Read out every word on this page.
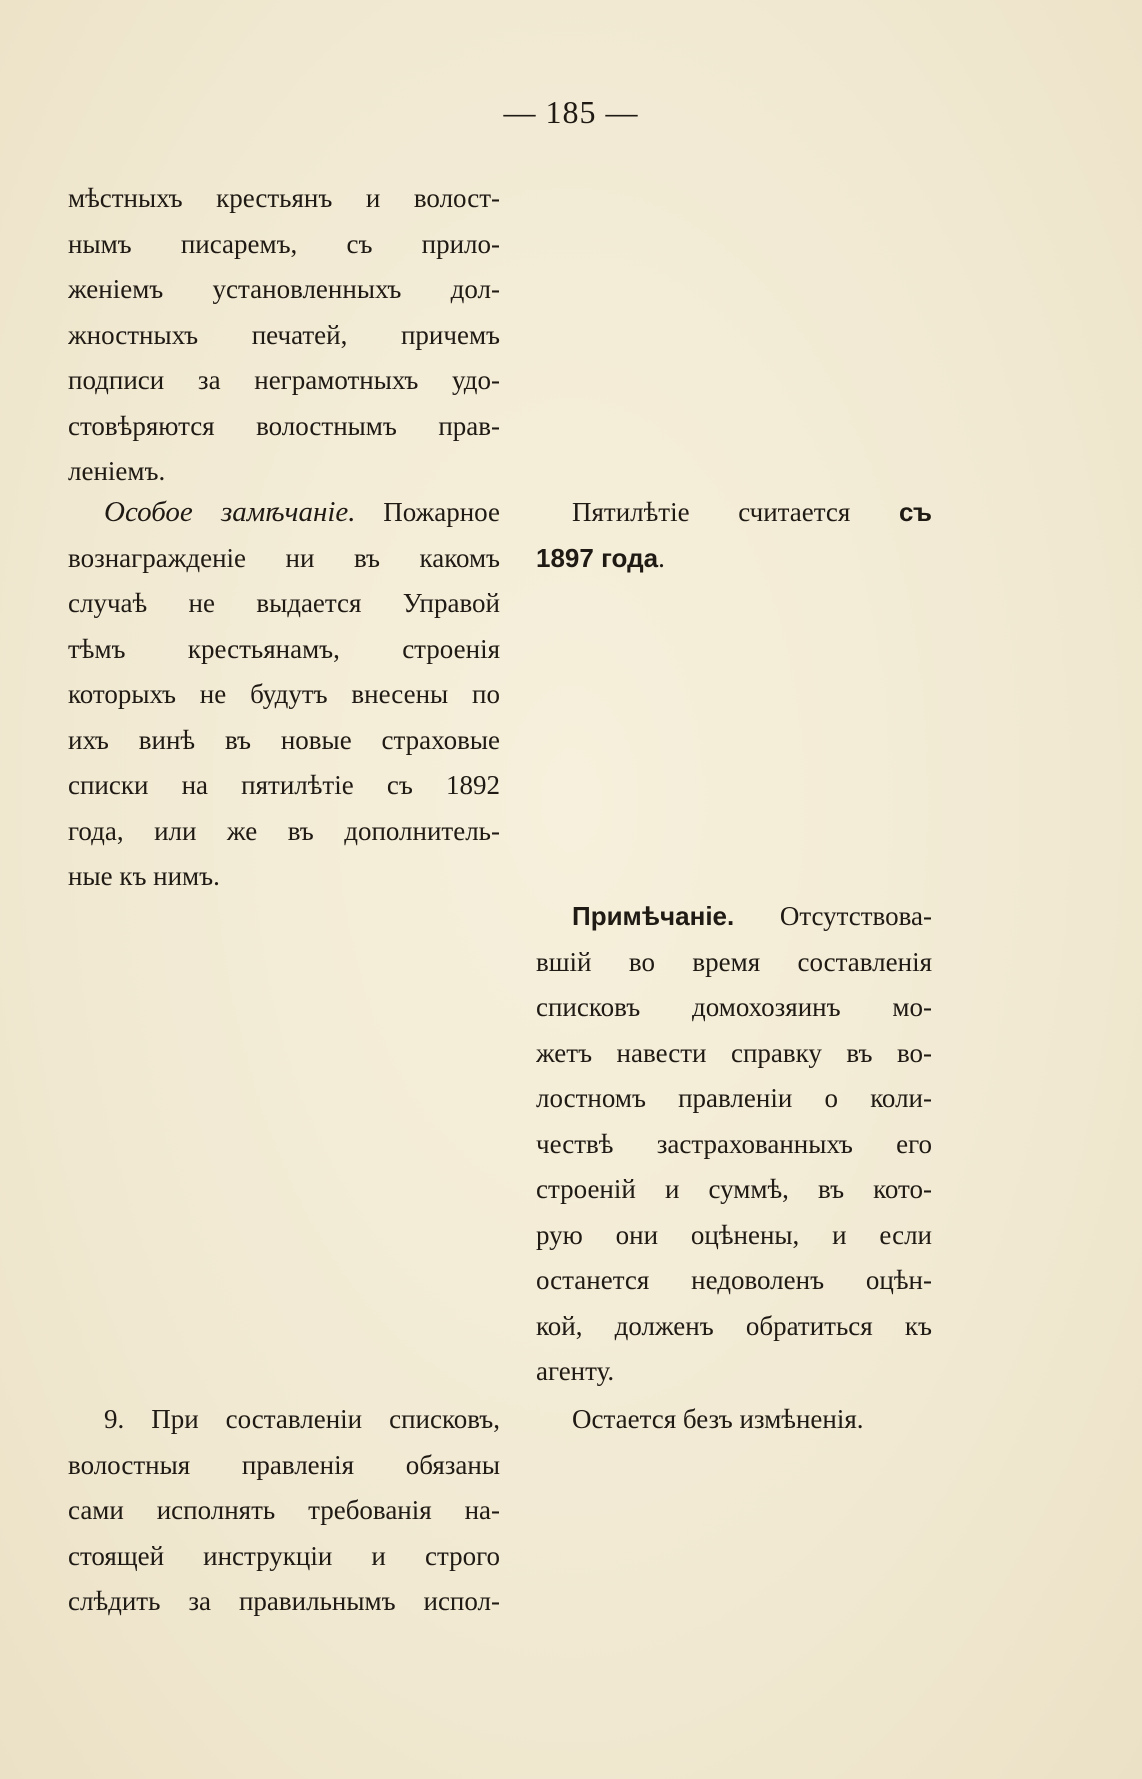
— 185 —
мѣстныхъ крестьянъ и волост-
нымъ писаремъ, съ прило-
женіемъ установленныхъ дол-
жностныхъ печатей, причемъ
подписи за неграмотныхъ удо-
стовѣряются волостнымъ прав-
леніемъ.
Особое замѣчаніе. Пожарное
вознагражденіе ни въ какомъ
случаѣ не выдается Управой
тѣмъ крестьянамъ, строенія
которыхъ не будутъ внесены по
ихъ винѣ въ новые страховые
списки на пятилѣтіе съ 1892
года, или же въ дополнитель-
ные къ нимъ.
9. При составленіи списковъ,
волостныя правленія обязаны
сами исполнять требованія на-
стоящей инструкціи и строго
слѣдить за правильнымъ испол-
Пятилѣтіе считается съ
1897 года.
Примѣчаніе. Отсутствова-
вшій во время составленія
списковъ домохозяинъ мо-
жетъ навести справку въ во-
лостномъ правленіи о коли-
чествѣ застрахованныхъ его
строеній и суммѣ, въ кото-
рую они оцѣнены, и если
останется недоволенъ оцѣн-
кой, долженъ обратиться къ
агенту.
Остается безъ измѣненія.
